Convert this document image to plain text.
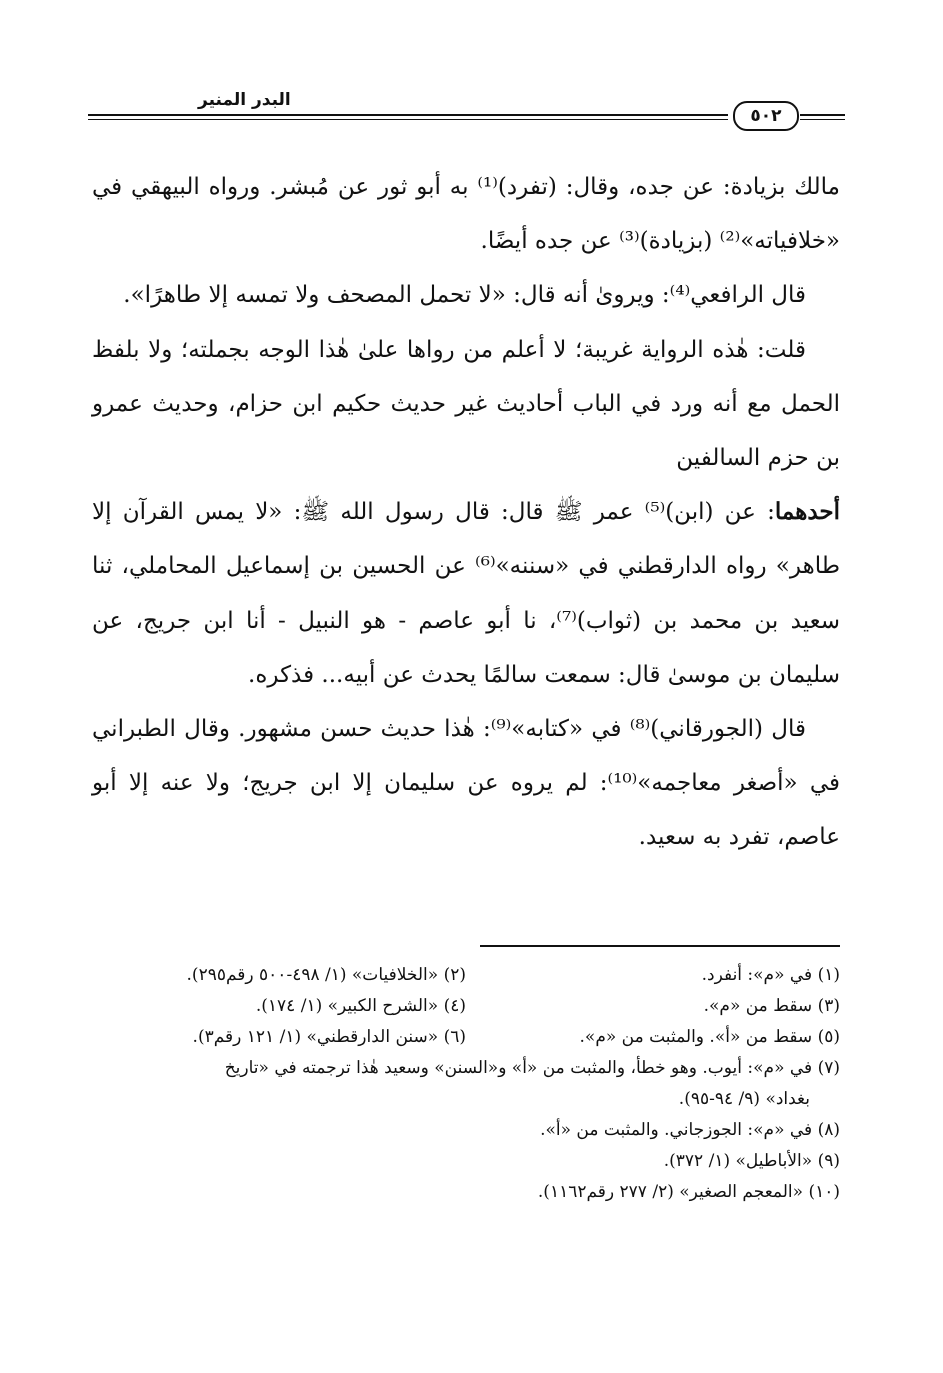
البدر المنير
٥٠٢

مالك بزيادة: عن جده، وقال: (تفرد)⁽¹⁾ به أبو ثور عن مُبشر. ورواه البيهقي في «خلافياته»⁽²⁾ (بزيادة)⁽³⁾ عن جده أيضًا.

قال الرافعي⁽⁴⁾: ويروىٰ أنه قال: «لا تحمل المصحف ولا تمسه إلا طاهرًا».

قلت: هٰذه الرواية غريبة؛ لا أعلم من رواها علىٰ هٰذا الوجه بجملته؛ ولا بلفظ الحمل مع أنه ورد في الباب أحاديث غير حديث حكيم ابن حزام، وحديث عمرو بن حزم السالفين

أحدهما: عن (ابن)⁽⁵⁾ عمر ﷺ قال: قال رسول الله ﷺ: «لا يمس القرآن إلا طاهر» رواه الدارقطني في «سننه»⁽⁶⁾ عن الحسين بن إسماعيل المحاملي، ثنا سعيد بن محمد بن (ثواب)⁽⁷⁾، نا أبو عاصم - هو النبيل - أنا ابن جريج، عن سليمان بن موسىٰ قال: سمعت سالمًا يحدث عن أبيه... فذكره.

قال (الجورقاني)⁽⁸⁾ في «كتابه»⁽⁹⁾: هٰذا حديث حسن مشهور. وقال الطبراني في «أصغر معاجمه»⁽¹⁰⁾: لم يروه عن سليمان إلا ابن جريج؛ ولا عنه إلا أبو عاصم، تفرد به سعيد.

(١) في «م»: أنفرد.
(٢) «الخلافيات» (١/ ٤٩٨-٥٠٠ رقم٢٩٥).
(٣) سقط من «م».
(٤) «الشرح الكبير» (١/ ١٧٤).
(٥) سقط من «أ». والمثبت من «م».
(٦) «سنن الدارقطني» (١/ ١٢١ رقم٣).
(٧) في «م»: أيوب. وهو خطأ، والمثبت من «أ» و«السنن» وسعيد هٰذا ترجمته في «تاريخ
بغداد» (٩/ ٩٤-٩٥).
(٨) في «م»: الجوزجاني. والمثبت من «أ».
(٩) «الأباطيل» (١/ ٣٧٢).
(١٠) «المعجم الصغير» (٢/ ٢٧٧ رقم١١٦٢).
